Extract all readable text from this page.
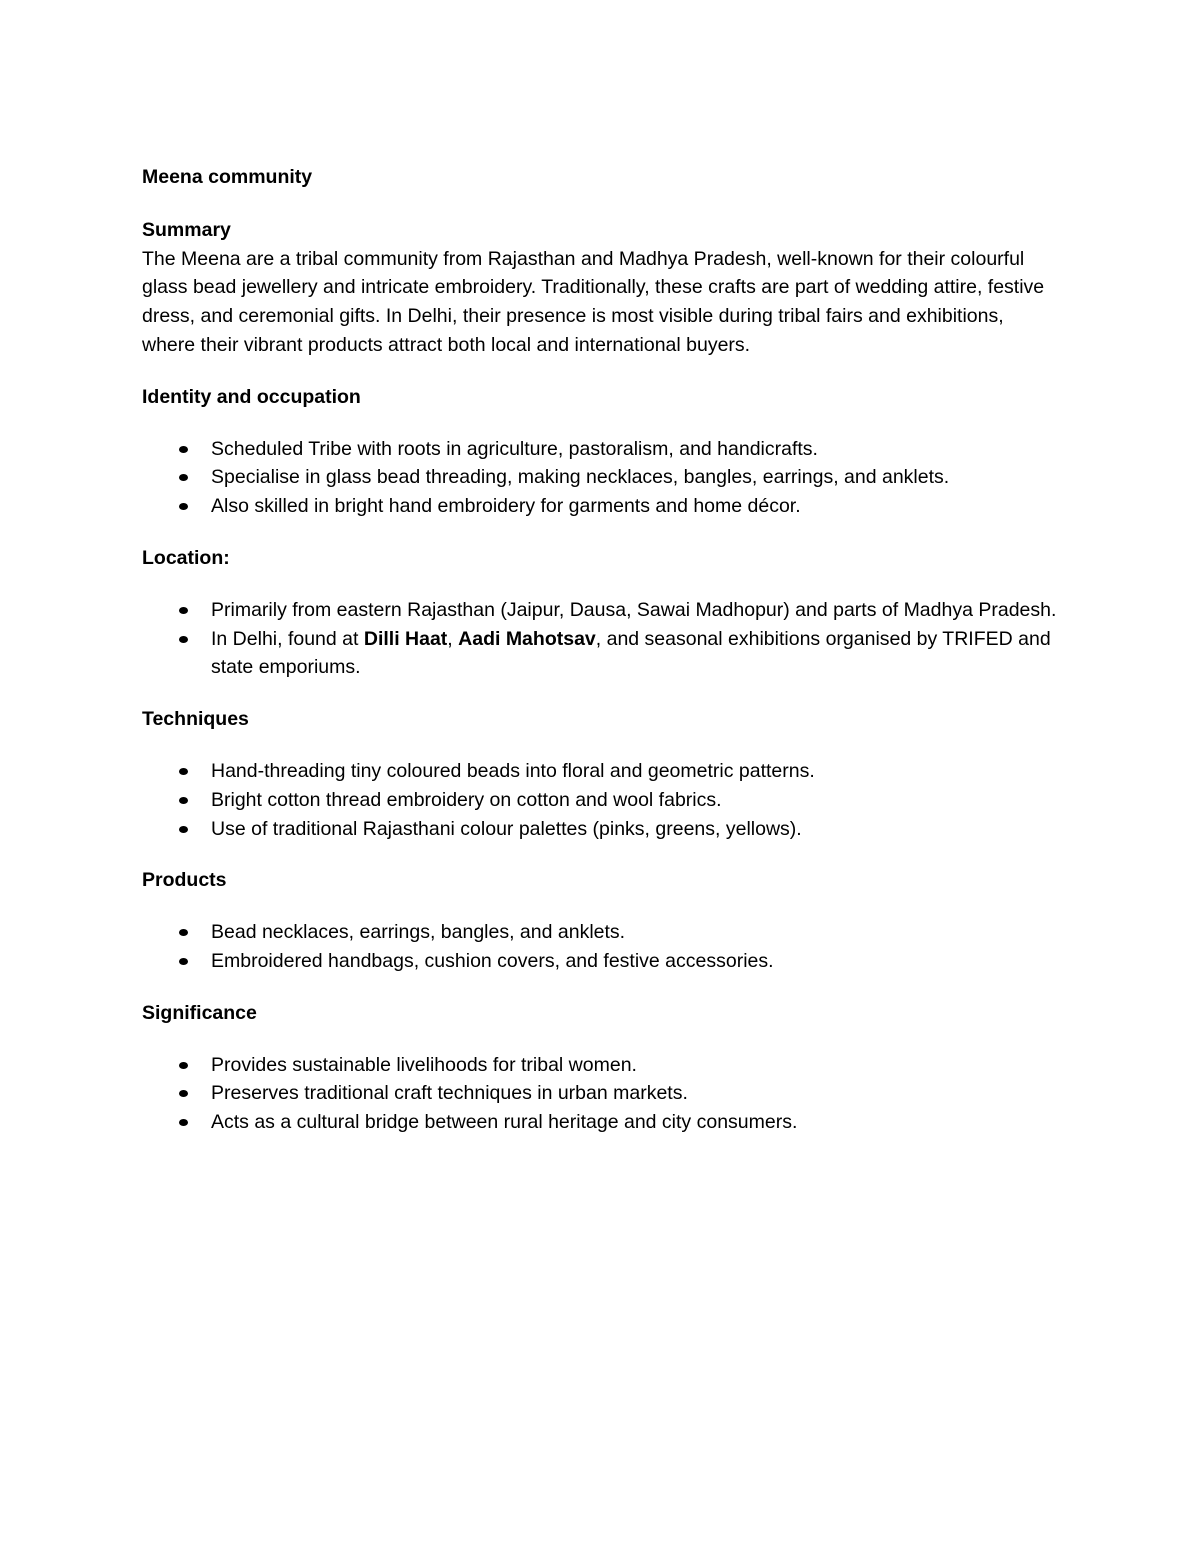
Meena community

Summary

The Meena are a tribal community from Rajasthan and Madhya Pradesh, well-known for their colourful glass bead jewellery and intricate embroidery. Traditionally, these crafts are part of wedding attire, festive dress, and ceremonial gifts. In Delhi, their presence is most visible during tribal fairs and exhibitions, where their vibrant products attract both local and international buyers.

Identity and occupation

Scheduled Tribe with roots in agriculture, pastoralism, and handicrafts.
Specialise in glass bead threading, making necklaces, bangles, earrings, and anklets.
Also skilled in bright hand embroidery for garments and home décor.

Location:

Primarily from eastern Rajasthan (Jaipur, Dausa, Sawai Madhopur) and parts of Madhya Pradesh.
In Delhi, found at Dilli Haat, Aadi Mahotsav, and seasonal exhibitions organised by TRIFED and state emporiums.

Techniques

Hand-threading tiny coloured beads into floral and geometric patterns.
Bright cotton thread embroidery on cotton and wool fabrics.
Use of traditional Rajasthani colour palettes (pinks, greens, yellows).

Products

Bead necklaces, earrings, bangles, and anklets.
Embroidered handbags, cushion covers, and festive accessories.

Significance

Provides sustainable livelihoods for tribal women.
Preserves traditional craft techniques in urban markets.
Acts as a cultural bridge between rural heritage and city consumers.
